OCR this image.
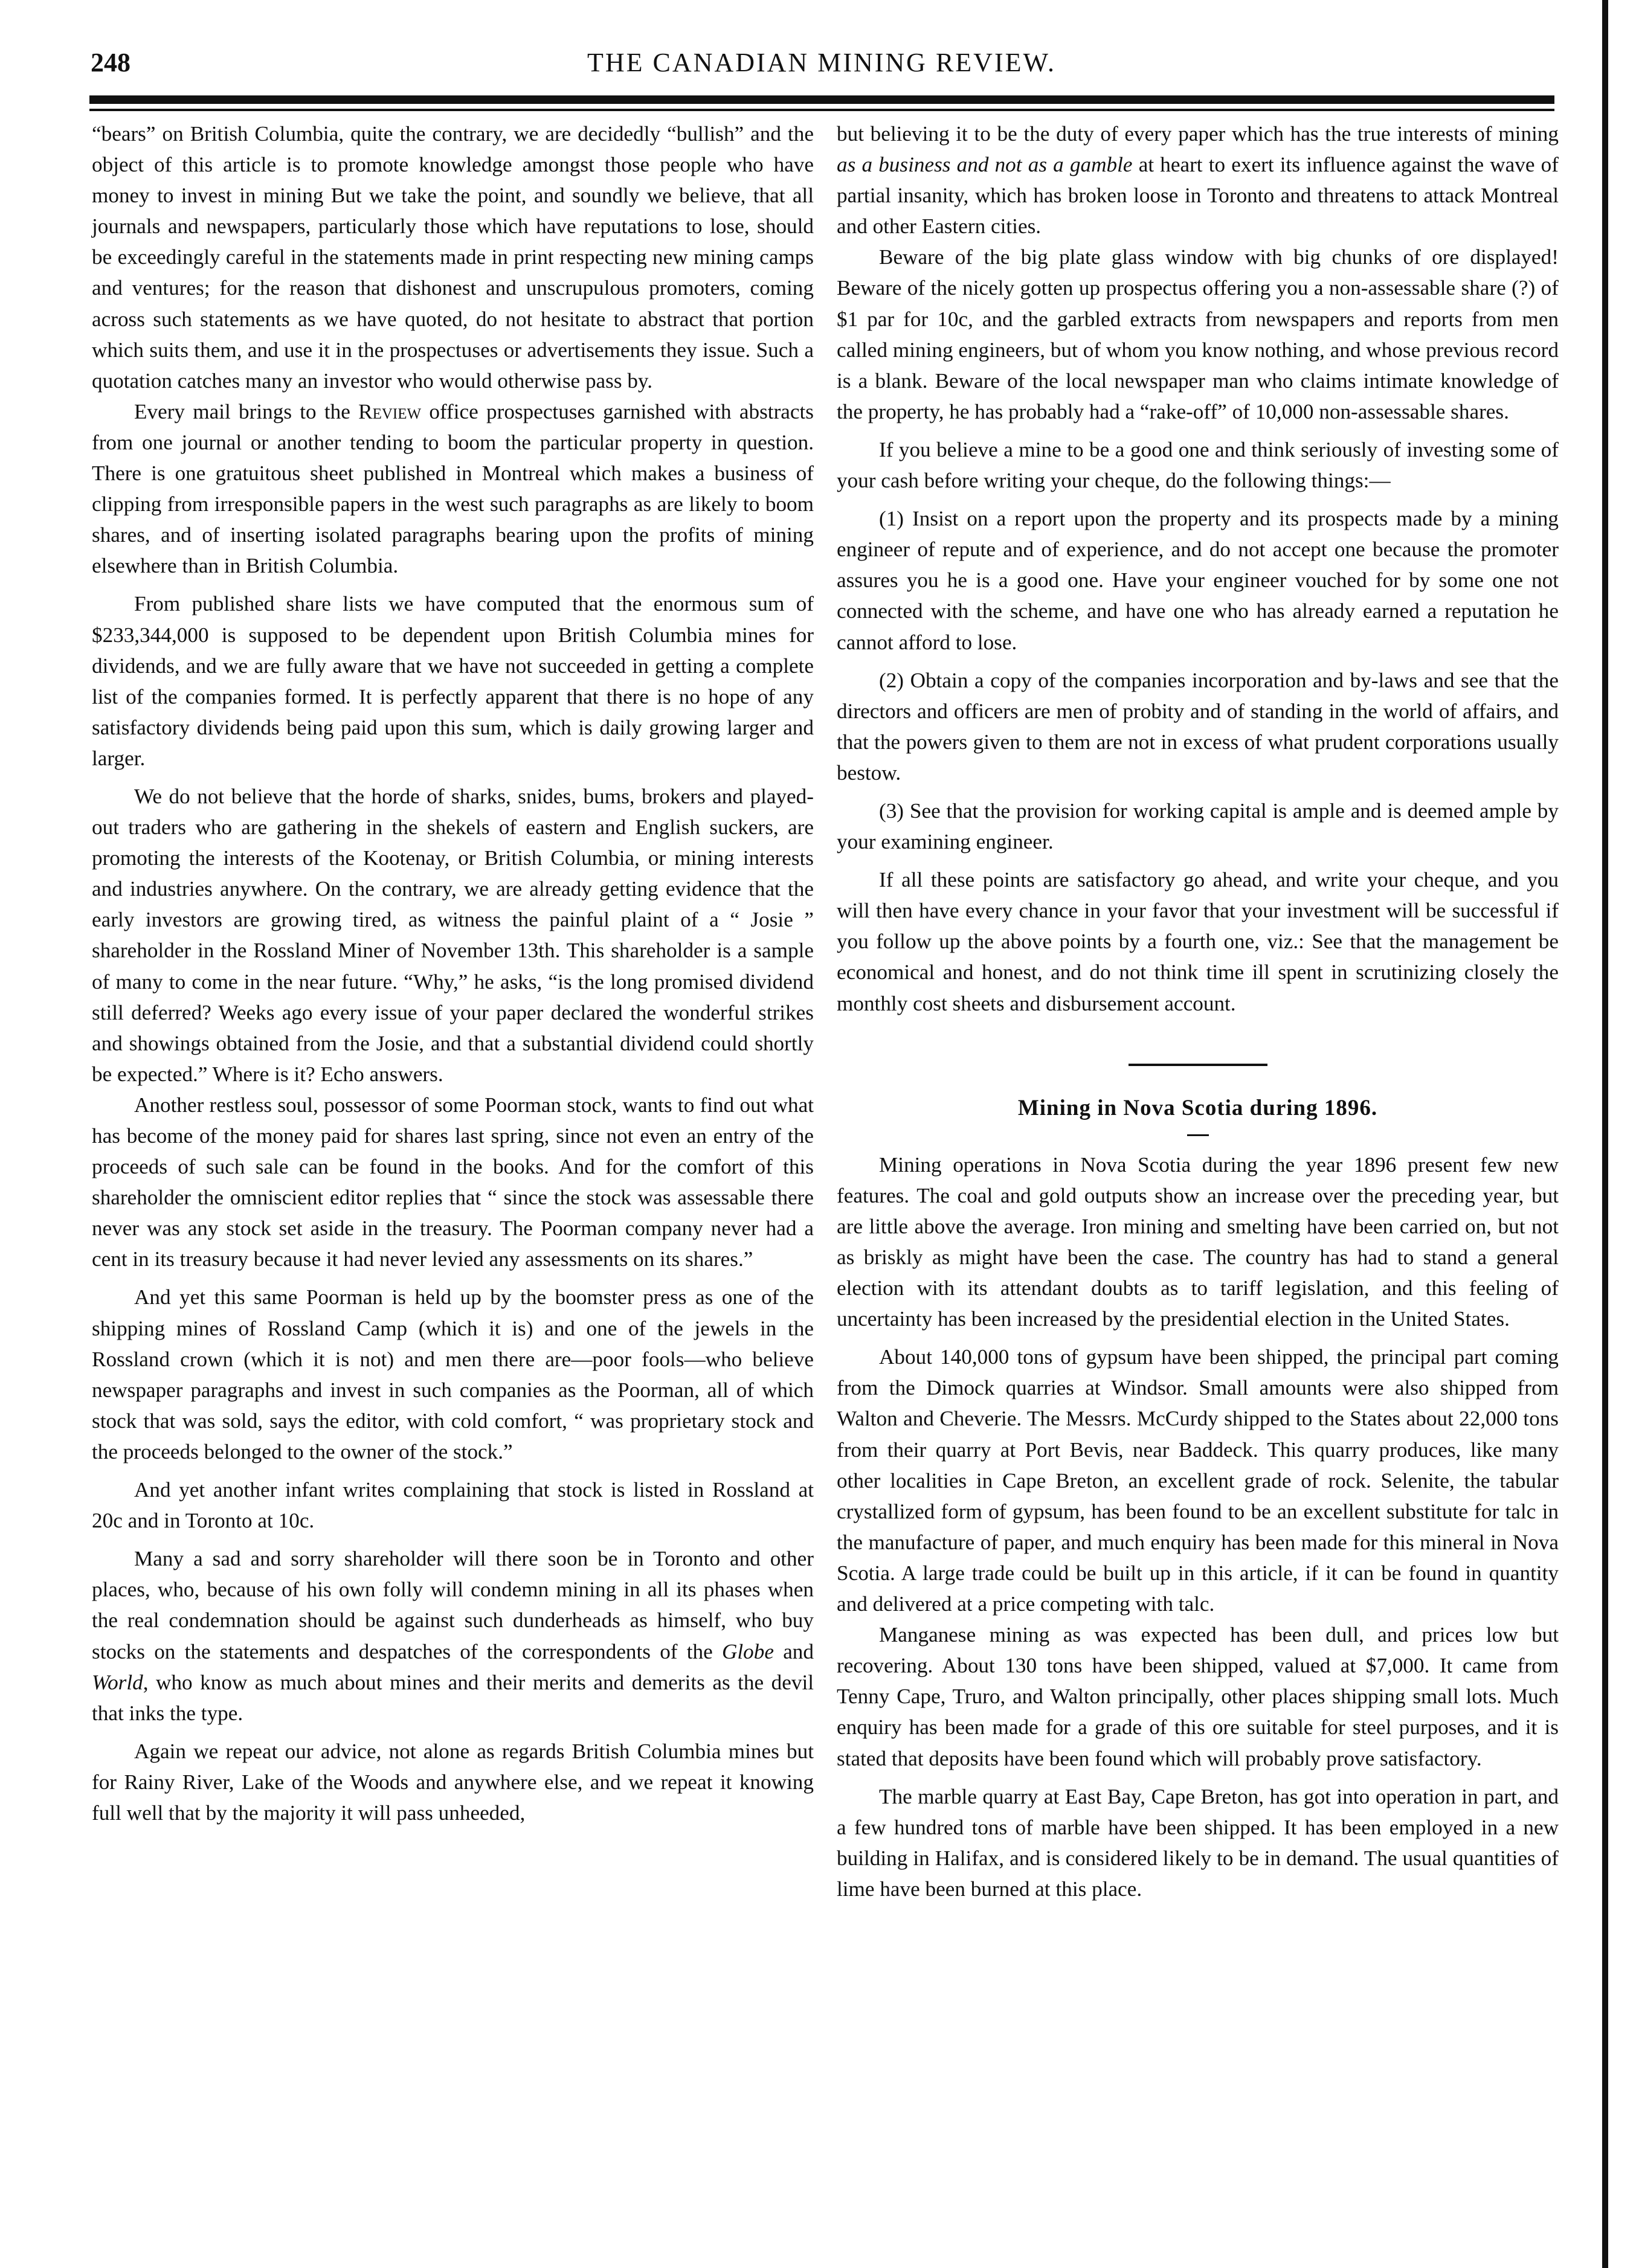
248	THE CANADIAN MINING REVIEW.

“bears” on British Columbia, quite the contrary, we are decidedly “bullish” and the object of this article is to promote knowledge amongst those people who have money to invest in mining But we take the point, and soundly we believe, that all journals and newspapers, particularly those which have reputations to lose, should be exceedingly careful in the statements made in print respecting new mining camps and ventures; for the reason that dishonest and unscrupulous promoters, coming across such statements as we have quoted, do not hesitate to abstract that portion which suits them, and use it in the prospectuses or advertisements they issue. Such a quotation catches many an investor who would otherwise pass by.

Every mail brings to the Review office prospectuses garnished with abstracts from one journal or another tending to boom the particular property in question. There is one gratuitous sheet published in Montreal which makes a business of clipping from irresponsible papers in the west such paragraphs as are likely to boom shares, and of inserting isolated paragraphs bearing upon the profits of mining elsewhere than in British Columbia.

From published share lists we have computed that the enormous sum of $233,344,000 is supposed to be dependent upon British Columbia mines for dividends, and we are fully aware that we have not succeeded in getting a complete list of the companies formed. It is perfectly apparent that there is no hope of any satisfactory dividends being paid upon this sum, which is daily growing larger and larger.

We do not believe that the horde of sharks, snides, bums, brokers and played-out traders who are gathering in the shekels of eastern and English suckers, are promoting the interests of the Kootenay, or British Columbia, or mining interests and industries anywhere. On the contrary, we are already getting evidence that the early investors are growing tired, as witness the painful plaint of a “ Josie ” shareholder in the Rossland Miner of November 13th. This shareholder is a sample of many to come in the near future. “Why,” he asks, “is the long promised dividend still deferred? Weeks ago every issue of your paper declared the wonderful strikes and showings obtained from the Josie, and that a substantial dividend could shortly be expected.” Where is it? Echo answers.

Another restless soul, possessor of some Poorman stock, wants to find out what has become of the money paid for shares last spring, since not even an entry of the proceeds of such sale can be found in the books. And for the comfort of this shareholder the omniscient editor replies that “ since the stock was assessable there never was any stock set aside in the treasury. The Poorman company never had a cent in its treasury because it had never levied any assessments on its shares.”

And yet this same Poorman is held up by the boomster press as one of the shipping mines of Rossland Camp (which it is) and one of the jewels in the Rossland crown (which it is not) and men there are—poor fools—who believe newspaper paragraphs and invest in such companies as the Poorman, all of which stock that was sold, says the editor, with cold comfort, “ was proprietary stock and the proceeds belonged to the owner of the stock.”

And yet another infant writes complaining that stock is listed in Rossland at 20c and in Toronto at 10c.

Many a sad and sorry shareholder will there soon be in Toronto and other places, who, because of his own folly will condemn mining in all its phases when the real condemnation should be against such dunderheads as himself, who buy stocks on the statements and despatches of the correspondents of the Globe and World, who know as much about mines and their merits and demerits as the devil that inks the type.

Again we repeat our advice, not alone as regards British Columbia mines but for Rainy River, Lake of the Woods and anywhere else, and we repeat it knowing full well that by the majority it will pass unheeded,

but believing it to be the duty of every paper which has the true interests of mining as a business and not as a gamble at heart to exert its influence against the wave of partial insanity, which has broken loose in Toronto and threatens to attack Montreal and other Eastern cities.

Beware of the big plate glass window with big chunks of ore displayed! Beware of the nicely gotten up prospectus offering you a non-assessable share (?) of $1 par for 10c, and the garbled extracts from newspapers and reports from men called mining engineers, but of whom you know nothing, and whose previous record is a blank. Beware of the local newspaper man who claims intimate knowledge of the property, he has probably had a “rake-off” of 10,000 non-assessable shares.

If you believe a mine to be a good one and think seriously of investing some of your cash before writing your cheque, do the following things:—

(1) Insist on a report upon the property and its prospects made by a mining engineer of repute and of experience, and do not accept one because the promoter assures you he is a good one. Have your engineer vouched for by some one not connected with the scheme, and have one who has already earned a reputation he cannot afford to lose.

(2) Obtain a copy of the companies incorporation and by-laws and see that the directors and officers are men of probity and of standing in the world of affairs, and that the powers given to them are not in excess of what prudent corporations usually bestow.

(3) See that the provision for working capital is ample and is deemed ample by your examining engineer.

If all these points are satisfactory go ahead, and write your cheque, and you will then have every chance in your favor that your investment will be successful if you follow up the above points by a fourth one, viz.: See that the management be economical and honest, and do not think time ill spent in scrutinizing closely the monthly cost sheets and disbursement account.

Mining in Nova Scotia during 1896.

Mining operations in Nova Scotia during the year 1896 present few new features. The coal and gold outputs show an increase over the preceding year, but are little above the average. Iron mining and smelting have been carried on, but not as briskly as might have been the case. The country has had to stand a general election with its attendant doubts as to tariff legislation, and this feeling of uncertainty has been increased by the presidential election in the United States.

About 140,000 tons of gypsum have been shipped, the principal part coming from the Dimock quarries at Windsor. Small amounts were also shipped from Walton and Cheverie. The Messrs. McCurdy shipped to the States about 22,000 tons from their quarry at Port Bevis, near Baddeck. This quarry produces, like many other localities in Cape Breton, an excellent grade of rock. Selenite, the tabular crystallized form of gypsum, has been found to be an excellent substitute for talc in the manufacture of paper, and much enquiry has been made for this mineral in Nova Scotia. A large trade could be built up in this article, if it can be found in quantity and delivered at a price competing with talc.

Manganese mining as was expected has been dull, and prices low but recovering. About 130 tons have been shipped, valued at $7,000. It came from Tenny Cape, Truro, and Walton principally, other places shipping small lots. Much enquiry has been made for a grade of this ore suitable for steel purposes, and it is stated that deposits have been found which will probably prove satisfactory.

The marble quarry at East Bay, Cape Breton, has got into operation in part, and a few hundred tons of marble have been shipped. It has been employed in a new building in Halifax, and is considered likely to be in demand. The usual quantities of lime have been burned at this place.
